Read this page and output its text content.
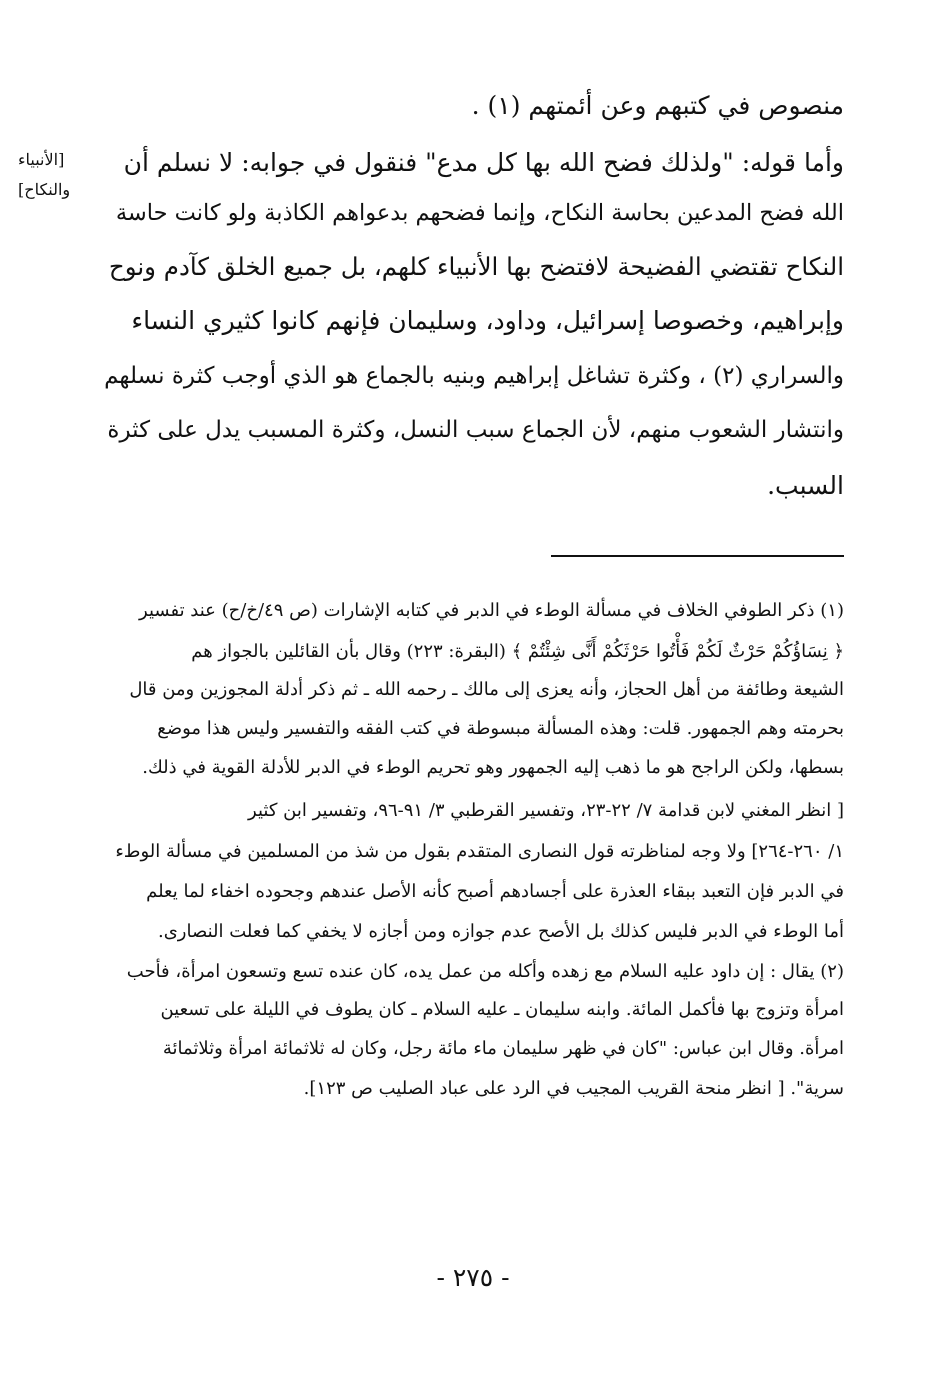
[الأنبياء
والنكاح]
منصوص في كتبهم وعن أئمتهم (١) .
وأما قوله: "ولذلك فضح الله بها كل مدع" فنقول في جوابه: لا نسلم أن
الله فضح المدعين بحاسة النكاح، وإنما فضحهم بدعواهم الكاذبة ولو كانت حاسة
النكاح تقتضي الفضيحة لافتضح بها الأنبياء كلهم، بل جميع الخلق كآدم ونوح
وإبراهيم، وخصوصا إسرائيل، وداود، وسليمان فإنهم كانوا كثيري النساء
والسراري (٢) ، وكثرة تشاغل إبراهيم وبنيه بالجماع هو الذي أوجب كثرة نسلهم
وانتشار الشعوب منهم، لأن الجماع سبب النسل، وكثرة المسبب يدل على كثرة
السبب.
(١) ذكر الطوفي الخلاف في مسألة الوطء في الدبر في كتابه الإشارات (ص ٤٩/خ/ح) عند تفسير
﴿ نِسَاؤُكُمْ حَرْثٌ لَكُمْ فَأْتُوا حَرْثَكُمْ أَنَّى شِئْتُمْ ﴾ (البقرة: ٢٢٣) وقال بأن القائلين بالجواز هم
الشيعة وطائفة من أهل الحجاز، وأنه يعزى إلى مالك ـ رحمه الله ـ ثم ذكر أدلة المجوزين ومن قال
بحرمته وهم الجمهور. قلت: وهذه المسألة مبسوطة في كتب الفقه والتفسير وليس هذا موضع
بسطها، ولكن الراجح هو ما ذهب إليه الجمهور وهو تحريم الوطء في الدبر للأدلة القوية في ذلك.
[ انظر المغني لابن قدامة ٧/ ٢٢-٢٣، وتفسير القرطبي ٣/ ٩١-٩٦، وتفسير ابن كثير
١/ ٢٦٠-٢٦٤] ولا وجه لمناظرته قول النصارى المتقدم بقول من شذ من المسلمين في مسألة الوطء
في الدبر فإن التعبد ببقاء العذرة على أجسادهم أصبح كأنه الأصل عندهم وجحوده اخفاء لما يعلم
أما الوطء في الدبر فليس كذلك بل الأصح عدم جوازه ومن أجازه لا يخفي كما فعلت النصارى.
(٢) يقال : إن داود عليه السلام مع زهده وأكله من عمل يده، كان عنده تسع وتسعون امرأة، فأحب
امرأة وتزوج بها فأكمل المائة. وابنه سليمان ـ عليه السلام ـ كان يطوف في الليلة على تسعين
امرأة. وقال ابن عباس: "كان في ظهر سليمان ماء مائة رجل، وكان له ثلاثمائة امرأة وثلاثمائة
سرية". [ انظر منحة القريب المجيب في الرد على عباد الصليب ص ١٢٣].
- ٢٧٥ -
